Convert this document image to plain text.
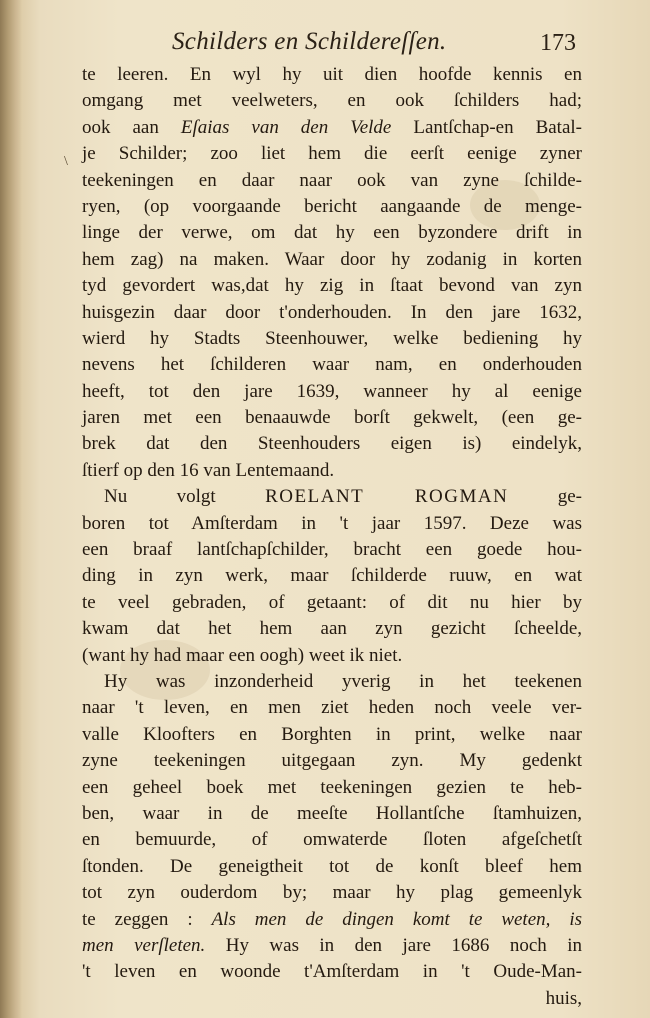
Schilders en Schildereſſen.	173
\
te leeren. En wyl hy uit dien hoofde kennis en
omgang met veelweters, en ook ſchilders had;
ook aan Eſaias van den Velde Lantſchap-en Batal-
je Schilder; zoo liet hem die eerſt eenige zyner
teekeningen en daar naar ook van zyne ſchilde-
ryen, (op voorgaande bericht aangaande de menge-
linge der verwe, om dat hy een byzondere drift in
hem zag) na maken. Waar door hy zodanig in korten
tyd gevordert was,dat hy zig in ſtaat bevond van zyn
huisgezin daar door t'onderhouden. In den jare 1632,
wierd hy Stadts Steenhouwer, welke bediening hy
nevens het ſchilderen waar nam, en onderhouden
heeft, tot den jare 1639, wanneer hy al eenige
jaren met een benaauwde borſt gekwelt, (een ge-
brek dat den Steenhouders eigen is) eindelyk,
ſtierf op den 16 van Lentemaand.
Nu volgt ROELANT ROGMAN ge-
boren tot Amſterdam in 't jaar 1597. Deze was
een braaf lantſchapſchilder, bracht een goede hou-
ding in zyn werk, maar ſchilderde ruuw, en wat
te veel gebraden, of getaant: of dit nu hier by
kwam dat het hem aan zyn gezicht ſcheelde,
(want hy had maar een oogh) weet ik niet.
Hy was inzonderheid yverig in het teekenen
naar 't leven, en men ziet heden noch veele ver-
valle Kloofters en Borghten in print, welke naar
zyne teekeningen uitgegaan zyn. My gedenkt
een geheel boek met teekeningen gezien te heb-
ben, waar in de meeſte Hollantſche ſtamhuizen,
en bemuurde, of omwaterde ſloten afgeſchetſt
ſtonden. De geneigtheit tot de konſt bleef hem
tot zyn ouderdom by; maar hy plag gemeenlyk
te zeggen : Als men de dingen komt te weten, is
men verſleten. Hy was in den jare 1686 noch in
't leven en woonde t'Amſterdam in 't Oude-Man-
huis,
